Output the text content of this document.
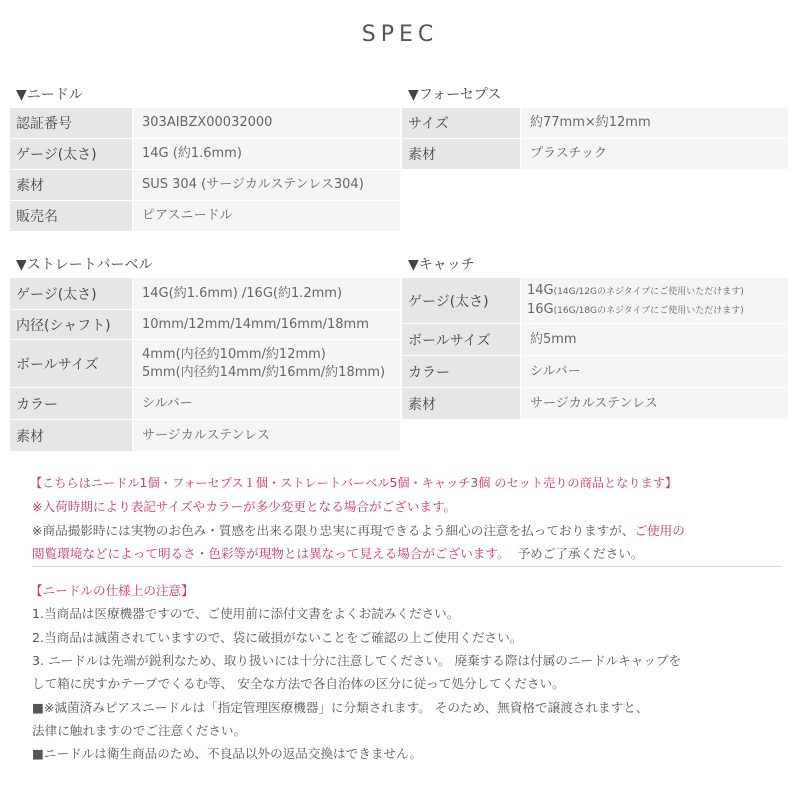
SPEC
▼ニードル
認証番号	303AIBZX00032000
ゲージ(太さ)	14G (約1.6mm)
素材	SUS 304 (サージカルステンレス304)
販売名	ピアスニードル
▼フォーセプス
サイズ	約77mm×約12mm
素材	プラスチック
▼ストレートバーベル
ゲージ(太さ)	14G(約1.6mm) /16G(約1.2mm)
内径(シャフト)	10mm/12mm/14mm/16mm/18mm
ボールサイズ	4mm(内径約10mm/約12mm)
5mm(内径約14mm/約16mm/約18mm)

カラー	シルバー
素材	サージカルステンレス
▼キャッチ
ゲージ(太さ)	14G(14G/12Gのネジタイプにご使用いただけます)
16G(16G/18Gのネジタイプにご使用いただけます)

ボールサイズ	約5mm
カラー	シルバー
素材	サージカルステンレス

【こちらはニードル1個・フォーセプス１個・ストレートバーベル5個・キャッチ3個 のセット売りの商品となります】

※入荷時期により表記サイズやカラーが多少変更となる場合がございます。

※商品撮影時には実物のお色み・質感を出来る限り忠実に再現できるよう細心の注意を払っておりますが、ご使用の

閲覧環境などによって明るさ・色彩等が現物とは異なって見える場合がございます。 予めご了承ください。

【ニードルの仕様上の注意】

1.当商品は医療機器ですので、ご使用前に添付文書をよくお読みください。

2.当商品は滅菌されていますので、袋に破損がないことをご確認の上ご使用ください。

3. ニードルは先端が鋭利なため、取り扱いには十分に注意してください。 廃棄する際は付属のニードルキャップを

して箱に戻すかテープでくるむ等、 安全な方法で各自治体の区分に従って処分してください。

■※滅菌済みピアスニードルは「指定管理医療機器」に分類されます。 そのため、無資格で譲渡されますと、

法律に触れますのでご注意ください。

■ニードルは衛生商品のため、不良品以外の返品交換はできません。
